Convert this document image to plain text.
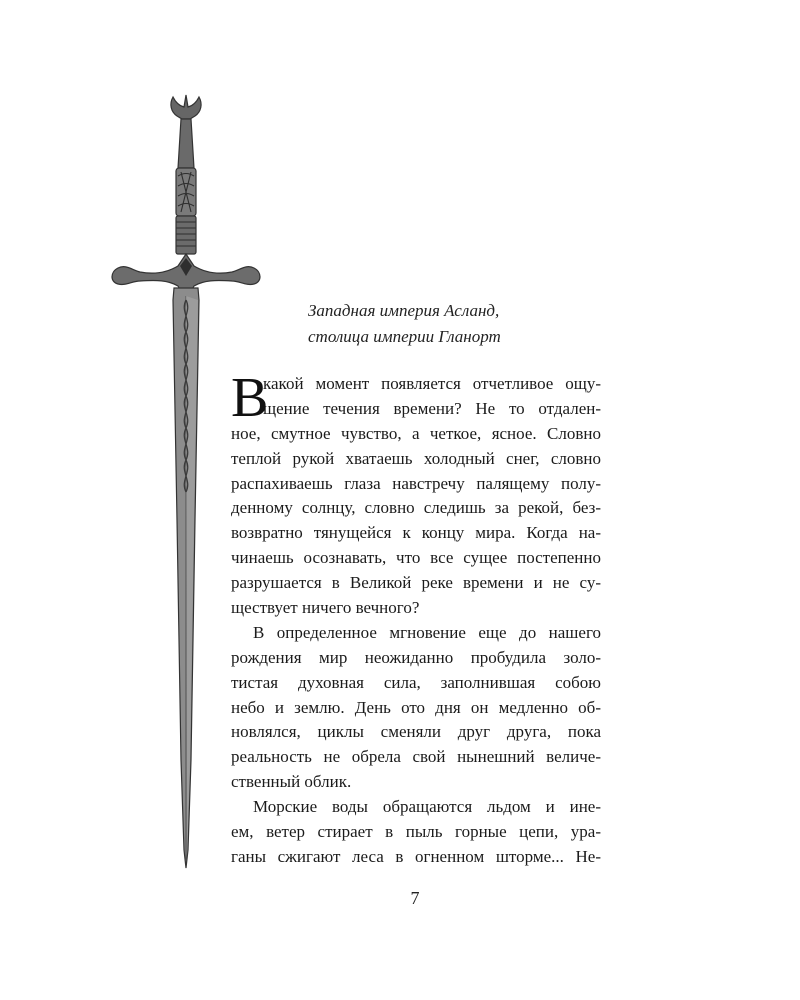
Западная империя Асланд,
столица империи Гланорт
В
какой момент появляется отчетливое ощу-
щение течения времени? Не то отдален-
ное, смутное чувство, а четкое, ясное. Словно
теплой рукой хватаешь холодный снег, словно
распахиваешь глаза навстречу палящему полу-
денному солнцу, словно следишь за рекой, без-
возвратно тянущейся к концу мира. Когда на-
чинаешь осознавать, что все сущее постепенно
разрушается в Великой реке времени и не су-
ществует ничего вечного?
В определенное мгновение еще до нашего
рождения мир неожиданно пробудила золо-
тистая духовная сила, заполнившая собою
небо и землю. День ото дня он медленно об-
новлялся, циклы сменяли друг друга, пока
реальность не обрела свой нынешний величе-
ственный облик.
Морские воды обращаются льдом и ине-
ем, ветер стирает в пыль горные цепи, ура-
ганы сжигают леса в огненном шторме... Не-
7
